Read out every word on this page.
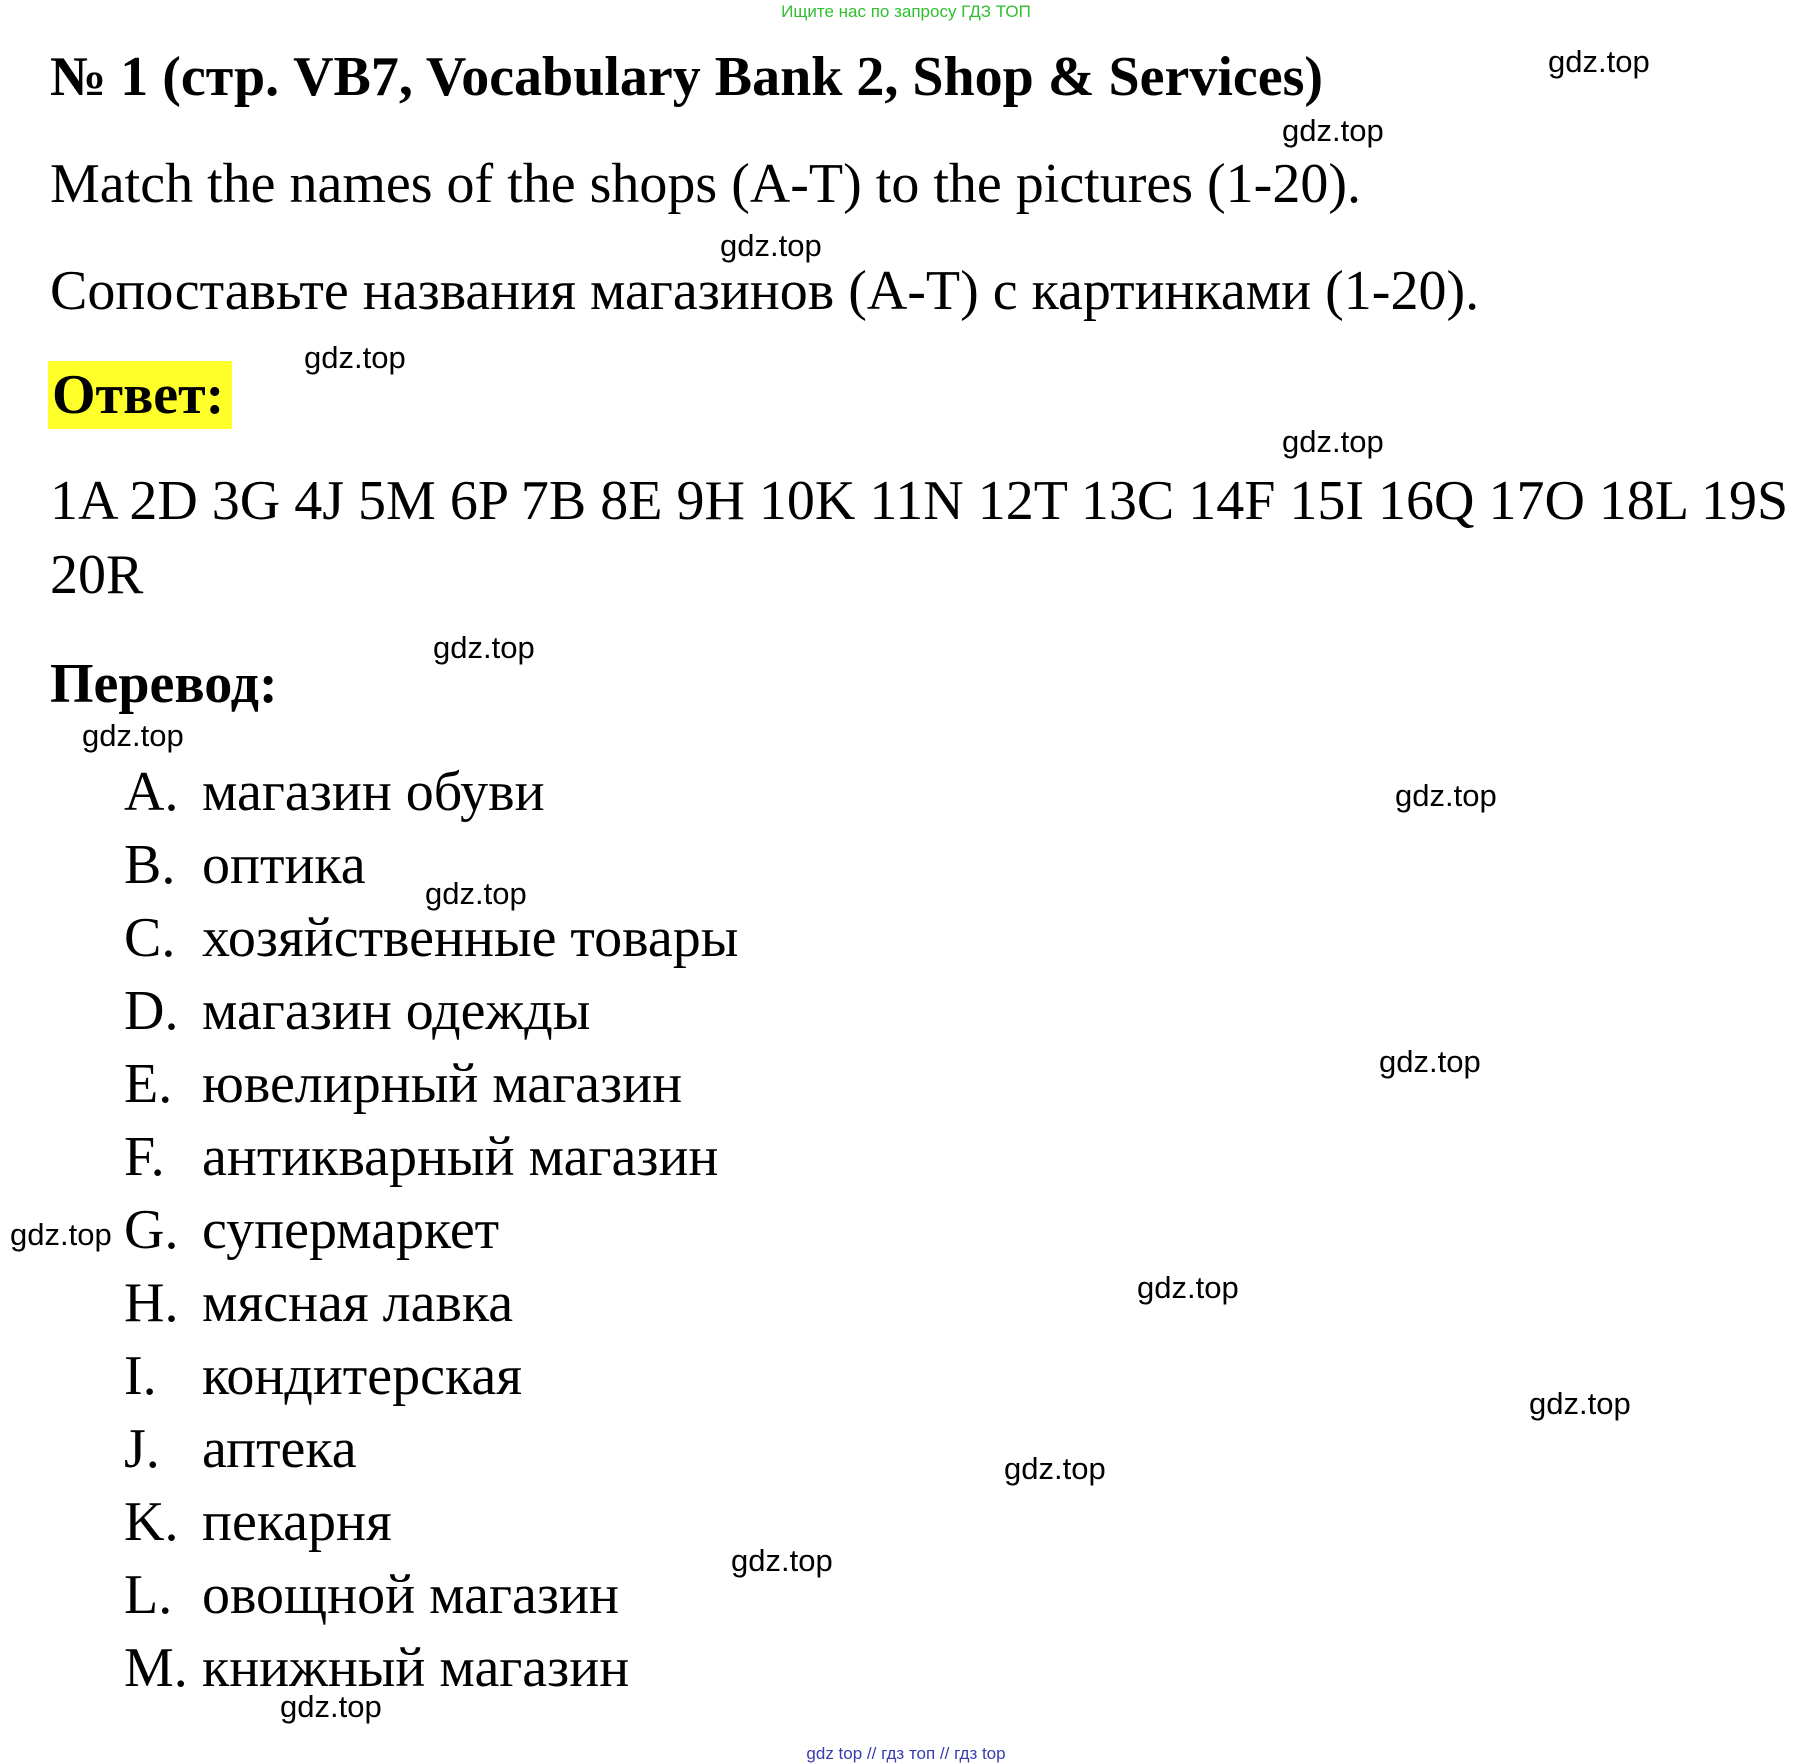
Ищите нас по запросу ГДЗ ТОП
№ 1 (стр. VB7, Vocabulary Bank 2, Shop & Services)
Match the names of the shops (A-T) to the pictures (1-20).
Сопоставьте названия магазинов (A-T) с картинками (1-20).
Ответ:
1A 2D 3G 4J 5M 6P 7B 8E 9H 10K 11N 12T 13C 14F 15I 16Q 17O 18L 19S 20R
Перевод:
A. магазин обуви
B. оптика
C. хозяйственные товары
D. магазин одежды
E. ювелирный магазин
F. антикварный магазин
G. супермаркет
H. мясная лавка
I. кондитерская
J. аптека
K. пекарня
L. овощной магазин
M. книжный магазин
gdz.top
gdz.top
gdz.top
gdz.top
gdz.top
gdz.top
gdz.top
gdz.top
gdz.top
gdz.top
gdz.top
gdz.top
gdz.top
gdz.top
gdz.top
gdz.top
gdz top // гдз топ // гдз top
